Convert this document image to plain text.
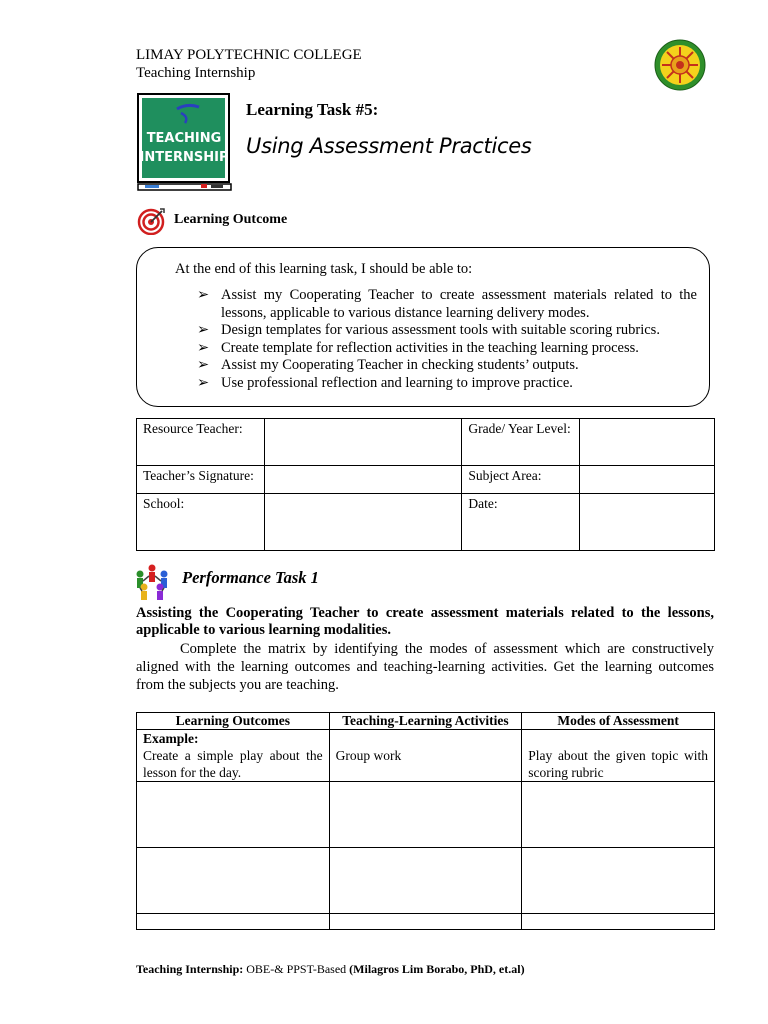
LIMAY POLYTECHNIC COLLEGE
Teaching Internship
TEACHING
INTERNSHIP
Learning Task #5:
Using Assessment Practices
Learning Outcome
At the end of this learning task, I should be able to:
➢ Assist my Cooperating Teacher to create assessment materials related to the lessons, applicable to various distance learning delivery modes.
➢ Design templates for various assessment tools with suitable scoring rubrics.
➢ Create template for reflection activities in the teaching learning process.
➢ Assist my Cooperating Teacher in checking students’ outputs.
➢ Use professional reflection and learning to improve practice.
Resource Teacher:		Grade/ Year Level:	
Teacher’s Signature:		Subject Area:	
School:		Date:	
Performance Task 1
Assisting the Cooperating Teacher to create assessment materials related to the lessons, applicable to various learning modalities.
Complete the matrix by identifying the modes of assessment which are constructively aligned with the learning outcomes and teaching-learning activities. Get the learning outcomes from the subjects you are teaching.
Learning Outcomes	Teaching-Learning Activities	Modes of Assessment

Example:
Create a simple play about the lesson for the day.	Group work	Play about the given topic with scoring rubric

Teaching Internship: OBE-& PPST-Based (Milagros Lim Borabo, PhD, et.al)
